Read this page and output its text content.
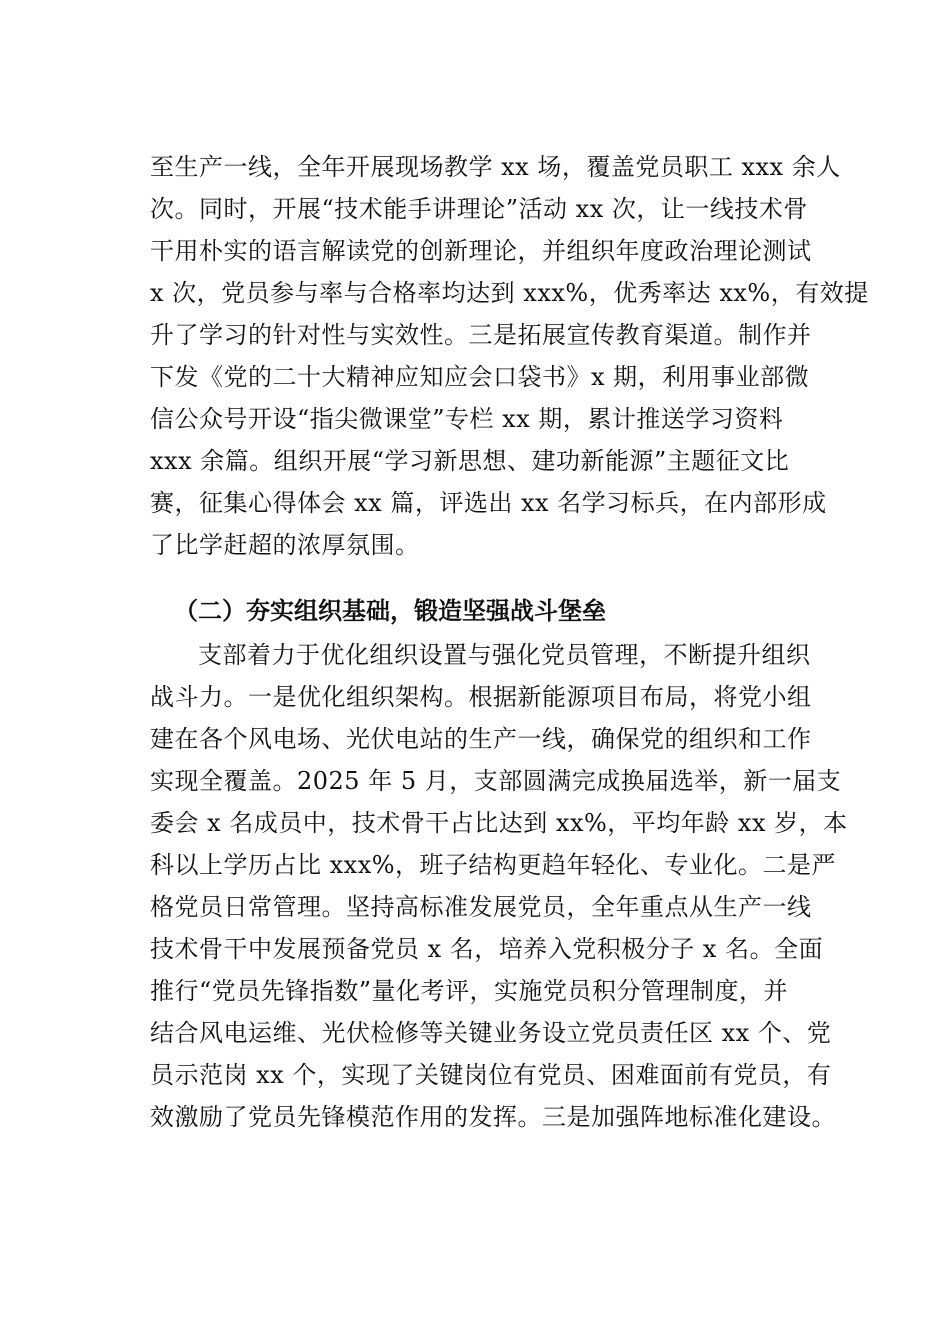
至生产一线，全年开展现场教学 xx 场，覆盖党员职工 xxx 余人
次。同时，开展“技术能手讲理论”活动 xx 次，让一线技术骨
干用朴实的语言解读党的创新理论，并组织年度政治理论测试
x 次，党员参与率与合格率均达到 xxx%，优秀率达 xx%，有效提
升了学习的针对性与实效性。三是拓展宣传教育渠道。制作并
下发《党的二十大精神应知应会口袋书》x 期，利用事业部微
信公众号开设“指尖微课堂”专栏 xx 期，累计推送学习资料
xxx 余篇。组织开展“学习新思想、建功新能源”主题征文比
赛，征集心得体会 xx 篇，评选出 xx 名学习标兵，在内部形成
了比学赶超的浓厚氛围。
（二）夯实组织基础，锻造坚强战斗堡垒
支部着力于优化组织设置与强化党员管理，不断提升组织
战斗力。一是优化组织架构。根据新能源项目布局，将党小组
建在各个风电场、光伏电站的生产一线，确保党的组织和工作
实现全覆盖。2025 年 5 月，支部圆满完成换届选举，新一届支
委会 x 名成员中，技术骨干占比达到 xx%，平均年龄 xx 岁，本
科以上学历占比 xxx%，班子结构更趋年轻化、专业化。二是严
格党员日常管理。坚持高标准发展党员，全年重点从生产一线
技术骨干中发展预备党员 x 名，培养入党积极分子 x 名。全面
推行“党员先锋指数”量化考评，实施党员积分管理制度，并
结合风电运维、光伏检修等关键业务设立党员责任区 xx 个、党
员示范岗 xx 个，实现了关键岗位有党员、困难面前有党员，有
效激励了党员先锋模范作用的发挥。三是加强阵地标准化建设。
